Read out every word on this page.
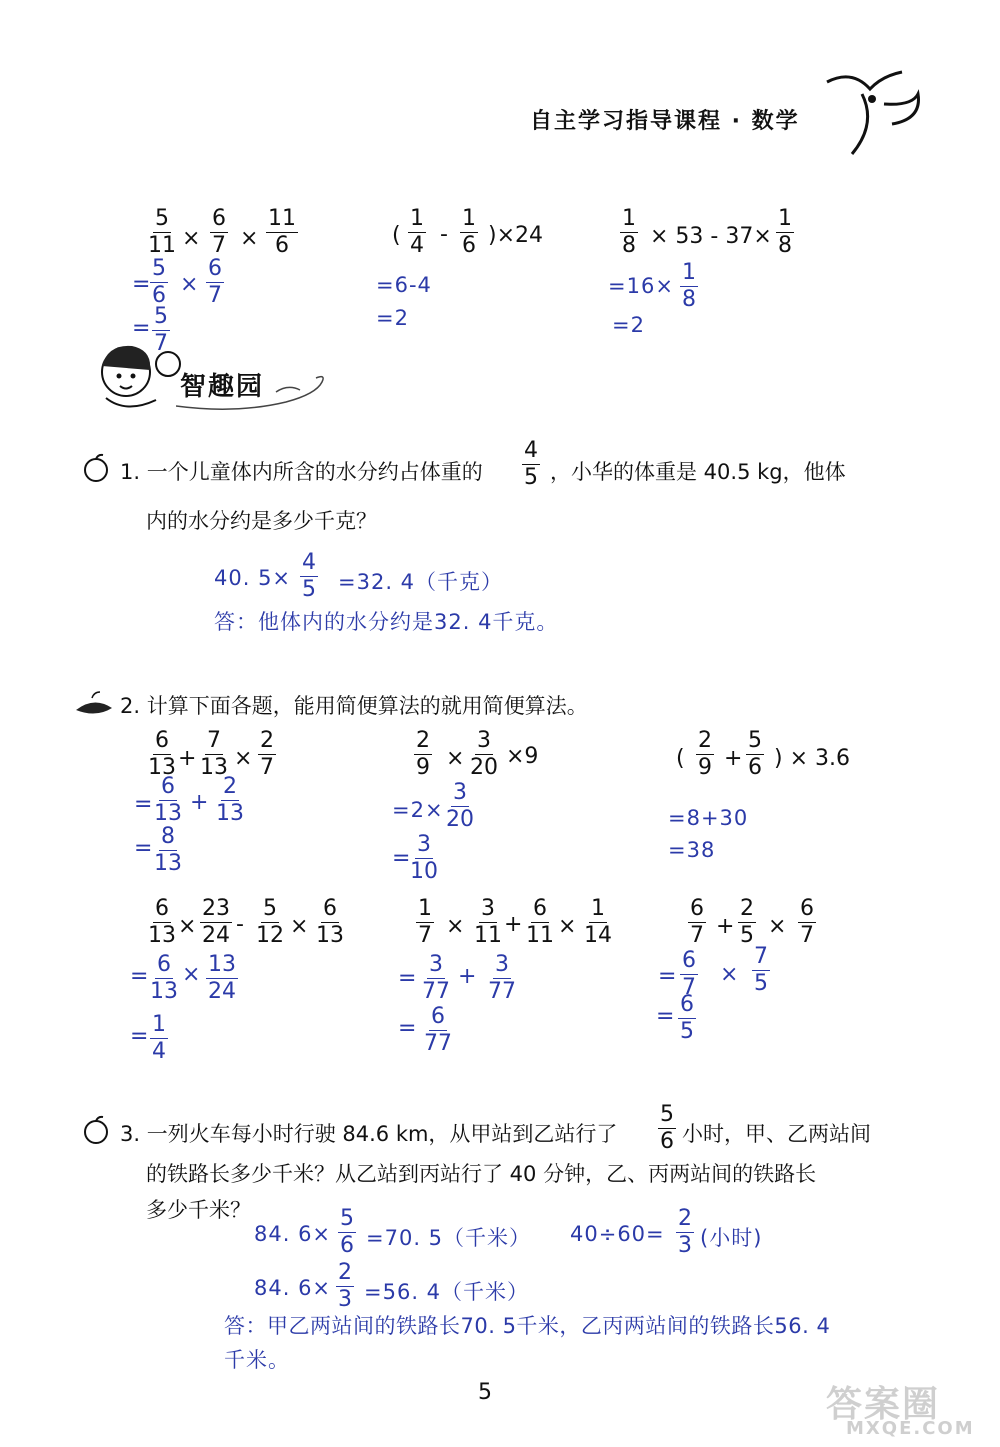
自主学习指导课程 · 数学
$\frac{5}{11} \times \frac{6}{7} \times \frac{11}{6}$
= $\frac{5}{6} \times \frac{6}{7}$
= $\frac{5}{7}$
( $\frac{1}{4} - \frac{1}{6} )\times 24$
=6-4
=2
$\frac{1}{8} \times 53 - 37\times \frac{1}{8}$
$=16\times \frac{1}{8}$
=2
智趣园
1. 一个儿童体内所含的水分约占体重的 $\frac{4}{5}$ ，小华的体重是 40.5 kg，他体
内的水分约是多少千克？
40. $5\times \frac{4}{5} =32$. 4（千克）
答：他体内的水分约是32. 4千克。
2. 计算下面各题，能用简便算法的就用简便算法。
$\frac{6}{13} + \frac{7}{13} \times \frac{2}{7}$
= $\frac{6}{13} + \frac{2}{13}$
= $\frac{8}{13}$
$\frac{2}{9} \times \frac{3}{20} \times 9$
$=2\times \frac{3}{20}$
=
$\frac{3}{10}$
( $\frac{2}{9} + \frac{5}{6}$ ) × 3.6
=8+30
=38
$\frac{6}{13} \times \frac{23}{24} - \frac{5}{12} \times \frac{6}{13}$
= $\frac{6}{13} \times \frac{13}{24}$
= $\frac{1}{4}$
$\frac{1}{7} \times \frac{3}{11} + \frac{6}{11} \times \frac{1}{14}$
= $\frac{3}{77} + \frac{3}{77}$
= $\frac{6}{77}$
$\frac{6}{7} + \frac{2}{5} \times \frac{6}{7}$
= $\frac{6}{7} \times \frac{7}{5}$
= $\frac{6}{5}$
3. 一列火车每小时行驶 84.6 km，从甲站到乙站行了 $\frac{5}{6}$ 小时，甲、乙两站间
的铁路长多少千米？从乙站到丙站行了 40 分钟，乙、丙两站间的铁路长
多少千米？
84. $6\times \frac{5}{6} =70$. 5（千米） $40\div 60= \frac{2}{3}$ (小时)
84. $6\times \frac{2}{3} =56$. 4（千米）
答：甲乙两站间的铁路长70. 5千米，乙丙两站间的铁路长56. 4
千米。
5	答案圈
MXQE.COM
